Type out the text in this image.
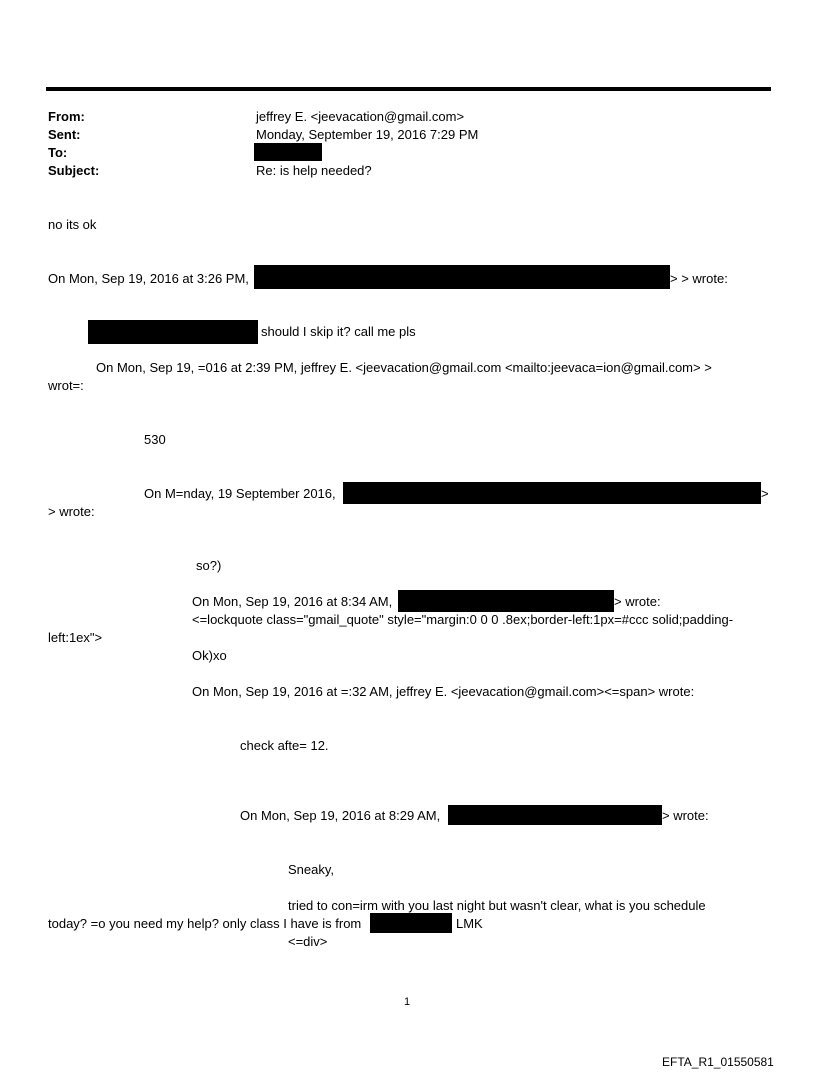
From:	jeffrey E. <jeevacation@gmail.com>
Sent:	Monday, September 19, 2016 7:29 PM
To:
Subject:	Re: is help needed?
no its ok
On Mon, Sep 19, 2016 at 3:26 PM,	> > wrote:
should I skip it? call me pls
On Mon, Sep 19, =016 at 2:39 PM, jeffrey E. <jeevacation@gmail.com <mailto:jeevaca=ion@gmail.com> >
wrot=:
530
On M=nday, 19 September 2016,	>
> wrote:
so?)
On Mon, Sep 19, 2016 at 8:34 AM,	> wrote:
<=lockquote class="gmail_quote" style="margin:0 0 0 .8ex;border-left:1px=#ccc solid;padding-
left:1ex">
Ok)xo
On Mon, Sep 19, 2016 at =:32 AM, jeffrey E. <jeevacation@gmail.com><=span> wrote:
check afte= 12.
On Mon, Sep 19, 2016 at 8:29 AM,	> wrote:
Sneaky,
tried to con=irm with you last night but wasn't clear, what is you schedule
today? =o you need my help? only class I have is from	LMK
<=div>
1
EFTA_R1_01550581
